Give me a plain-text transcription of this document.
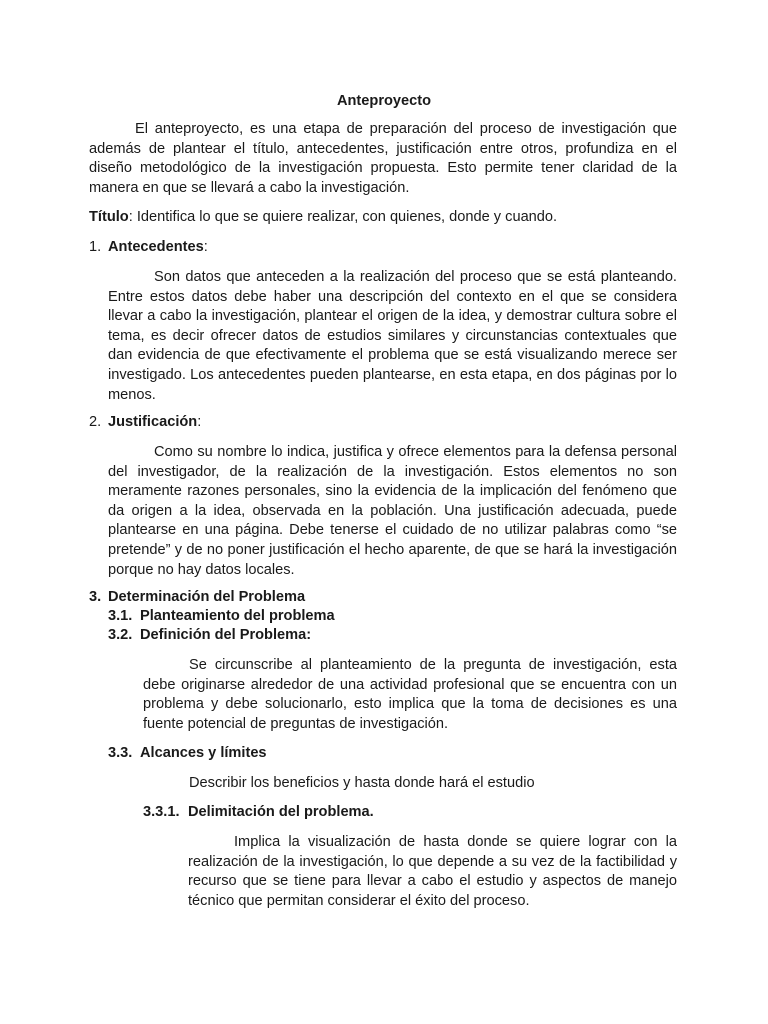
Anteproyecto

El anteproyecto, es una etapa de preparación del proceso de investigación que además de plantear el título, antecedentes, justificación entre otros, profundiza en el diseño metodológico de la investigación propuesta. Esto permite tener claridad de la manera en que se llevará a cabo la investigación.

Título: Identifica lo que se quiere realizar, con quienes, donde y cuando.

1. Antecedentes:

Son datos que anteceden a la realización del proceso que se está planteando. Entre estos datos debe haber una descripción del contexto en el que se considera llevar a cabo la investigación, plantear el origen de la idea, y demostrar cultura sobre el tema, es decir ofrecer datos de estudios similares y circunstancias contextuales que dan evidencia de que efectivamente el problema que se está visualizando merece ser investigado. Los antecedentes pueden plantearse, en esta etapa, en dos páginas por lo menos.

2. Justificación:

Como su nombre lo indica, justifica y ofrece elementos para la defensa personal del investigador, de la realización de la investigación. Estos elementos no son meramente razones personales, sino la evidencia de la implicación del fenómeno que da origen a la idea, observada en la población. Una justificación adecuada, puede plantearse en una página. Debe tenerse el cuidado de no utilizar palabras como “se pretende” y de no poner justificación el hecho aparente, de que se hará la investigación porque no hay datos locales.

3. Determinación del Problema

3.1. Planteamiento del problema

3.2. Definición del Problema:

Se circunscribe al planteamiento de la pregunta de investigación, esta debe originarse alrededor de una actividad profesional que se encuentra con un problema y debe solucionarlo, esto implica que la toma de decisiones es una fuente potencial de preguntas de investigación.

3.3. Alcances y límites

Describir los beneficios y hasta donde hará el estudio

3.3.1. Delimitación del problema.

Implica la visualización de hasta donde se quiere lograr con la realización de la investigación, lo que depende a su vez de la factibilidad y recurso que se tiene para llevar a cabo el estudio y aspectos de manejo técnico que permitan considerar el éxito del proceso.
